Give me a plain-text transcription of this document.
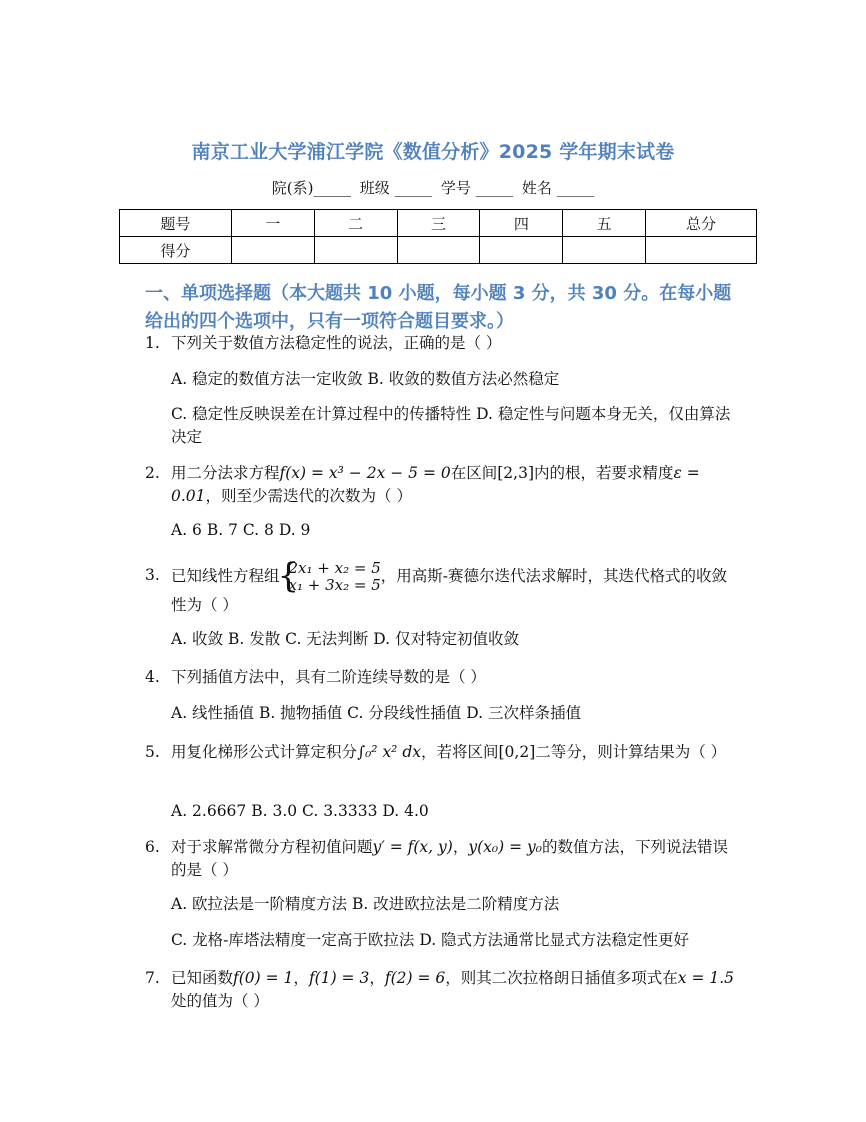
南京工业大学浦江学院《数值分析》2025 学年期末试卷
院(系)_____ 班级 _____ 学号 _____ 姓名 _____
题号	一	二	三	四	五	总分
得分						
一、单项选择题（本大题共 10 小题，每小题 3 分，共 30 分。在每小题给出的四个选项中，只有一项符合题目要求。）
1. 下列关于数值方法稳定性的说法，正确的是（ ）
A. 稳定的数值方法一定收敛 B. 收敛的数值方法必然稳定
C. 稳定性反映误差在计算过程中的传播特性 D. 稳定性与问题本身无关，仅由算法决定
2. 用二分法求方程f(x) = x³ − 2x − 5 = 0在区间[2,3]内的根，若要求精度ε = 0.01，则至少需迭代的次数为（ ）
A. 6 B. 7 C. 8 D. 9
3. 已知线性方程组 { 2x₁ + x₂ = 5
x₁ + 3x₂ = 5 ，用高斯-赛德尔迭代法求解时，其迭代格式的收敛性为（ ）
A. 收敛 B. 发散 C. 无法判断 D. 仅对特定初值收敛
4. 下列插值方法中，具有二阶连续导数的是（ ）
A. 线性插值 B. 抛物插值 C. 分段线性插值 D. 三次样条插值
5. 用复化梯形公式计算定积分∫₀² x² dx，若将区间[0,2]二等分，则计算结果为（ ）
A. 2.6667 B. 3.0 C. 3.3333 D. 4.0
6. 对于求解常微分方程初值问题y′ = f(x, y)，y(x₀) = y₀的数值方法，下列说法错误的是（ ）
A. 欧拉法是一阶精度方法 B. 改进欧拉法是二阶精度方法
C. 龙格-库塔法精度一定高于欧拉法 D. 隐式方法通常比显式方法稳定性更好
7. 已知函数f(0) = 1，f(1) = 3，f(2) = 6，则其二次拉格朗日插值多项式在x = 1.5处的值为（ ）
